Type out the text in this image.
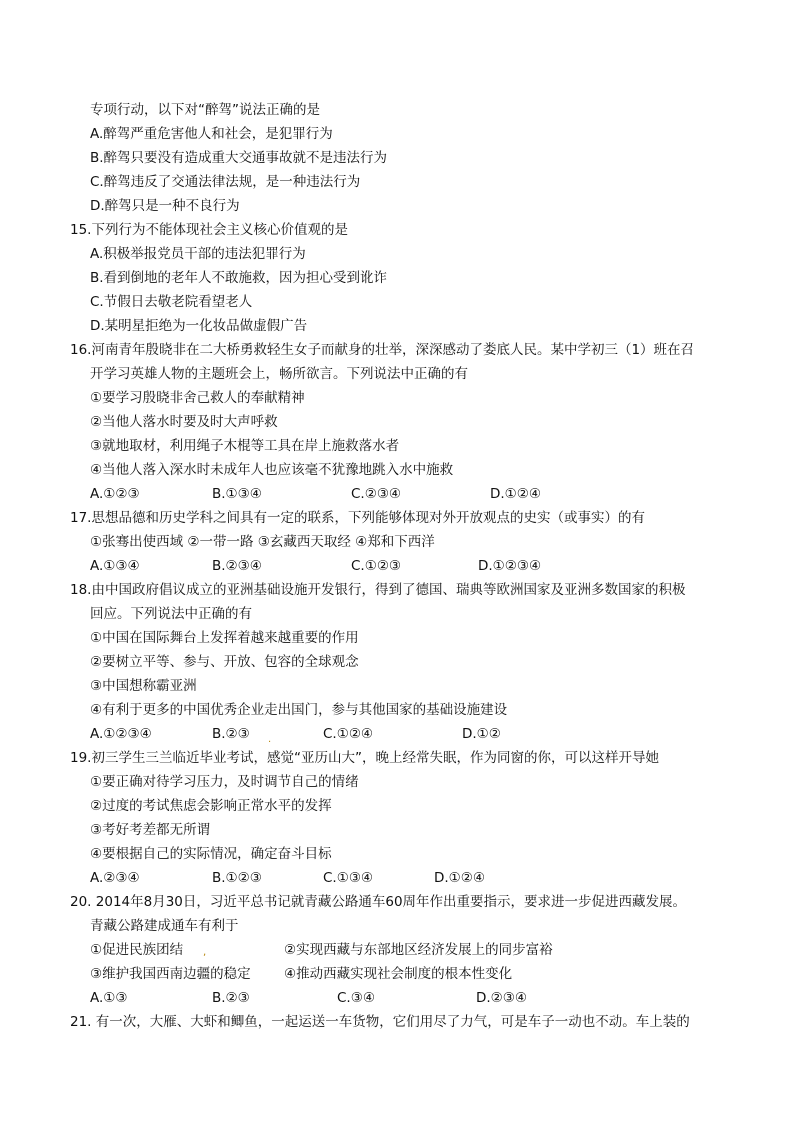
专项行动，以下对“醉驾”说法正确的是
A.醉驾严重危害他人和社会，是犯罪行为
B.醉驾只要没有造成重大交通事故就不是违法行为
C.醉驾违反了交通法律法规，是一种违法行为
D.醉驾只是一种不良行为
15.下列行为不能体现社会主义核心价值观的是
A.积极举报党员干部的违法犯罪行为
B.看到倒地的老年人不敢施救，因为担心受到讹诈
C.节假日去敬老院看望老人
D.某明星拒绝为一化妆品做虚假广告
16.河南青年殷晓非在二大桥勇救轻生女子而献身的壮举，深深感动了娄底人民。某中学初三（1）班在召
开学习英雄人物的主题班会上，畅所欲言。下列说法中正确的有
①要学习殷晓非舍己救人的奉献精神
②当他人落水时要及时大声呼救
③就地取材，利用绳子木棍等工具在岸上施救落水者
④当他人落入深水时未成年人也应该毫不犹豫地跳入水中施救
A.①②③	B.①③④	C.②③④	D.①②④
17.思想品德和历史学科之间具有一定的联系，下列能够体现对外开放观点的史实（或事实）的有
①张骞出使西域 ②一带一路 ③玄藏西天取经 ④郑和下西洋
A.①③④	B.②③④	C.①②③	D.①②③④
18.由中国政府倡议成立的亚洲基础设施开发银行，得到了德国、瑞典等欧洲国家及亚洲多数国家的积极
回应。下列说法中正确的有
①中国在国际舞台上发挥着越来越重要的作用
②要树立平等、参与、开放、包容的全球观念
③中国想称霸亚洲
④有利于更多的中国优秀企业走出国门，参与其他国家的基础设施建设
A.①②③④	B.②③ .	C.①②④	D.①②
19.初三学生三兰临近毕业考试，感觉“亚历山大”，晚上经常失眠，作为同窗的你，可以这样开导她
①要正确对待学习压力，及时调节自己的情绪
②过度的考试焦虑会影响正常水平的发挥
③考好考差都无所谓
④要根据自己的实际情况，确定奋斗目标
A.②③④	B.①②③	C.①③④	D.①②④
20. 2014年8月30日，习近平总书记就青藏公路通车60周年作出重要指示，要求进一步促进西藏发展。
青藏公路建成通车有利于
①促进民族团结 ,	②实现西藏与东部地区经济发展上的同步富裕
③维护我国西南边疆的稳定 ④推动西藏实现社会制度的根本性变化
A.①③	B.②③	C.③④	D.②③④
21. 有一次，大雁、大虾和鲫鱼，一起运送一车货物，它们用尽了力气，可是车子一动也不动。车上装的
